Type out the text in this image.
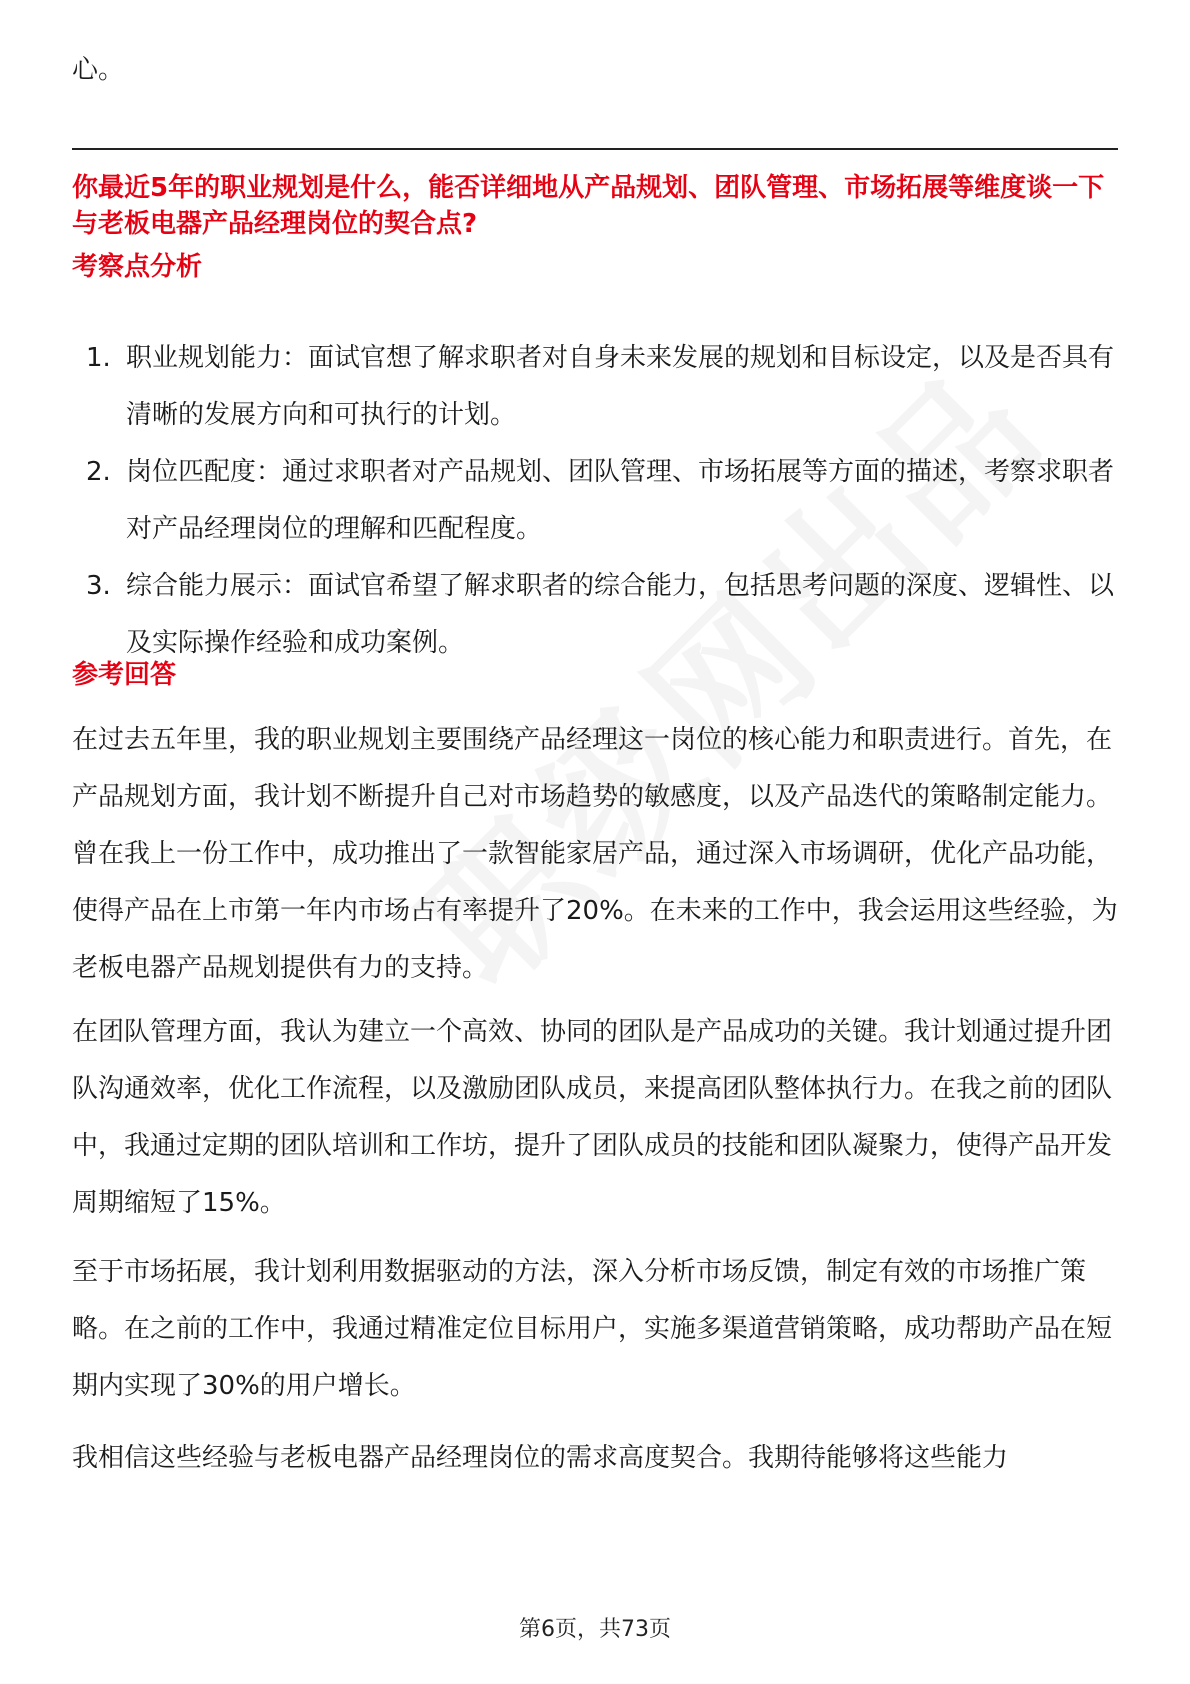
心。

你最近5年的职业规划是什么，能否详细地从产品规划、团队管理、市场拓展等维度谈一下与老板电器产品经理岗位的契合点?

考察点分析

1. 职业规划能力：面试官想了解求职者对自身未来发展的规划和目标设定，以及是否具有清晰的发展方向和可执行的计划。
2. 岗位匹配度：通过求职者对产品规划、团队管理、市场拓展等方面的描述，考察求职者对产品经理岗位的理解和匹配程度。
3. 综合能力展示：面试官希望了解求职者的综合能力，包括思考问题的深度、逻辑性、以及实际操作经验和成功案例。

参考回答

在过去五年里，我的职业规划主要围绕产品经理这一岗位的核心能力和职责进行。首先，在产品规划方面，我计划不断提升自己对市场趋势的敏感度，以及产品迭代的策略制定能力。曾在我上一份工作中，成功推出了一款智能家居产品，通过深入市场调研，优化产品功能，使得产品在上市第一年内市场占有率提升了20%。在未来的工作中，我会运用这些经验，为老板电器产品规划提供有力的支持。

在团队管理方面，我认为建立一个高效、协同的团队是产品成功的关键。我计划通过提升团队沟通效率，优化工作流程，以及激励团队成员，来提高团队整体执行力。在我之前的团队中，我通过定期的团队培训和工作坊，提升了团队成员的技能和团队凝聚力，使得产品开发周期缩短了15%。

至于市场拓展，我计划利用数据驱动的方法，深入分析市场反馈，制定有效的市场推广策略。在之前的工作中，我通过精准定位目标用户，实施多渠道营销策略，成功帮助产品在短期内实现了30%的用户增长。

我相信这些经验与老板电器产品经理岗位的需求高度契合。我期待能够将这些能力

第6页，共73页
